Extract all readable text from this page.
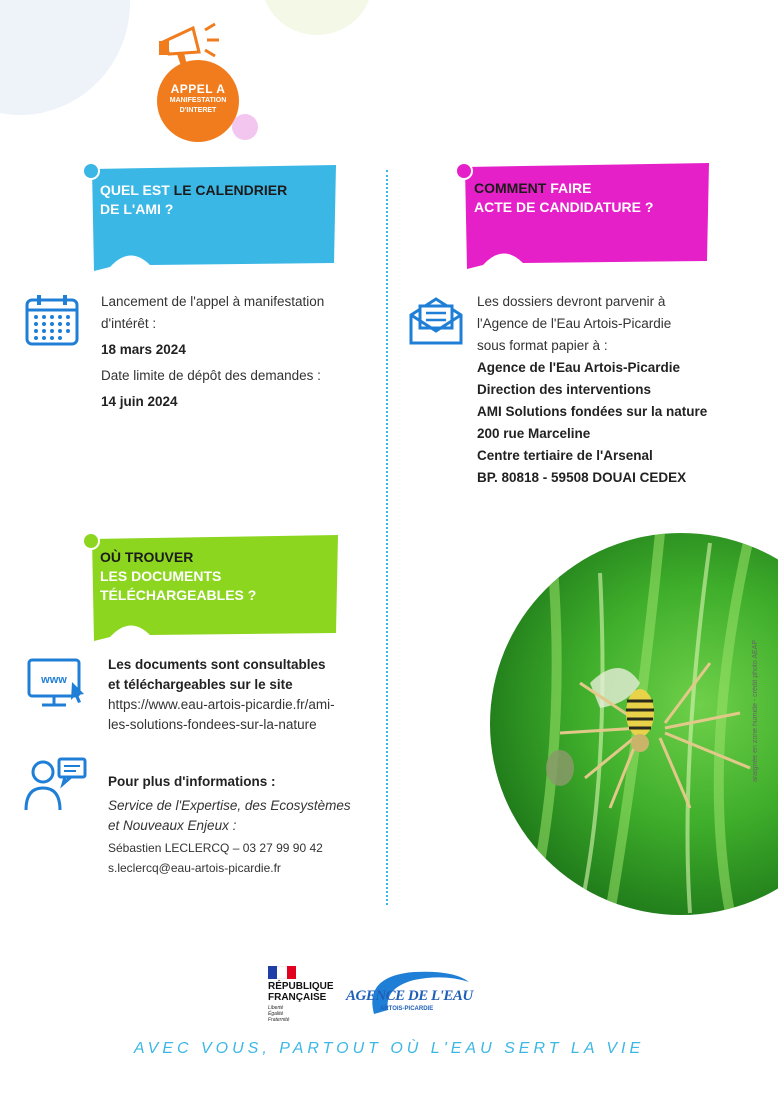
APPEL A
MANIFESTATION
D'INTERET
QUEL EST LE CALENDRIER
DE L'AMI ?
Lancement de l'appel à manifestation
d'intérêt :
18 mars 2024
Date limite de dépôt des demandes :
14 juin 2024
COMMENT FAIRE
ACTE DE CANDIDATURE ?
Les dossiers devront parvenir à
l'Agence de l'Eau Artois-Picardie
sous format papier à :
Agence de l'Eau Artois-Picardie
Direction des interventions
AMI Solutions fondées sur la nature
200 rue Marceline
Centre tertiaire de l'Arsenal
BP. 80818 - 59508 DOUAI CEDEX
OÙ TROUVER
LES DOCUMENTS
TÉLÉCHARGEABLES ?
www
Les documents sont consultables
et téléchargeables sur le site
https://www.eau-artois-picardie.fr/ami-
les-solutions-fondees-sur-la-nature
Pour plus d'informations :
Service de l'Expertise, des Ecosystèmes
et Nouveaux Enjeux :
Sébastien LECLERCQ – 03 27 99 90 42
s.leclercq@eau-artois-picardie.fr
araignée en zone humide - crédit photo AEAP
RÉPUBLIQUE
FRANÇAISE
Liberté
Égalité
Fraternité
AGENCE DE L'EAU
ARTOIS-PICARDIE
AVEC VOUS, PARTOUT OÙ L'EAU SERT LA VIE
